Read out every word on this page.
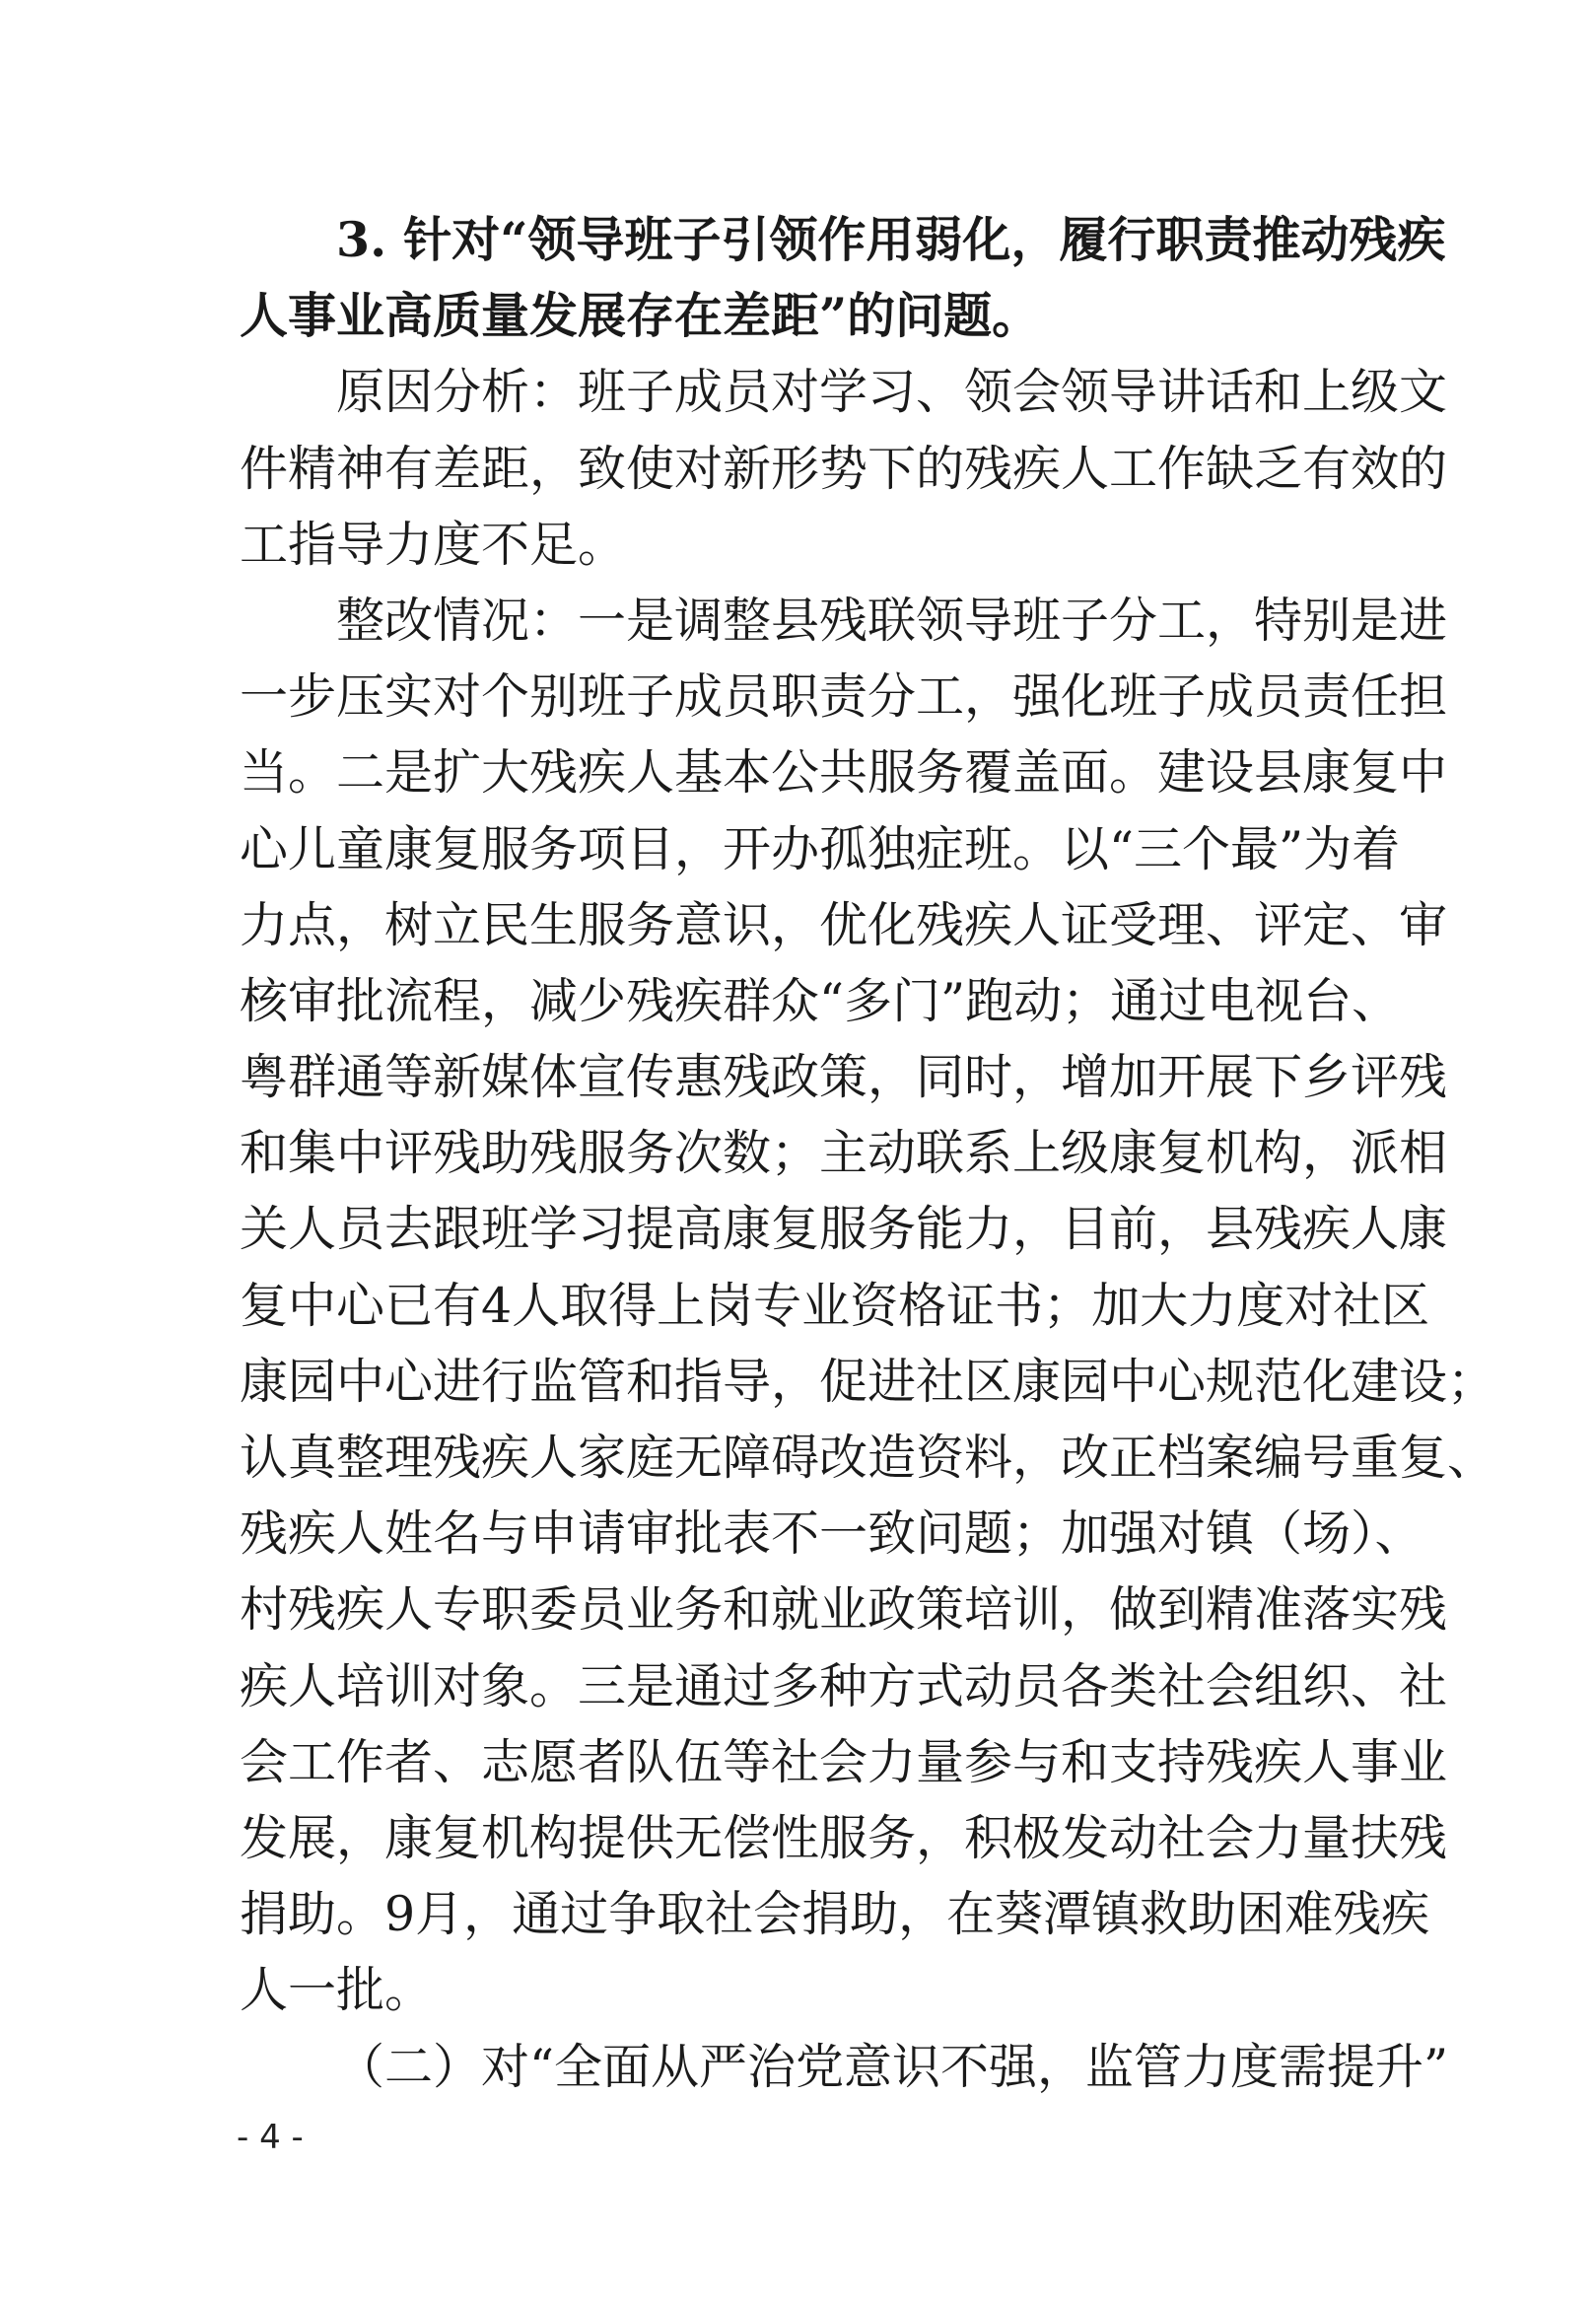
3. 针对“领导班子引领作用弱化，履行职责推动残疾
人事业高质量发展存在差距”的问题。
原因分析：班子成员对学习、领会领导讲话和上级文
件精神有差距，致使对新形势下的残疾人工作缺乏有效的
工指导力度不足。
整改情况：一是调整县残联领导班子分工，特别是进
一步压实对个别班子成员职责分工，强化班子成员责任担
当。二是扩大残疾人基本公共服务覆盖面。建设县康复中
心儿童康复服务项目，开办孤独症班。以“三个最”为着
力点，树立民生服务意识，优化残疾人证受理、评定、审
核审批流程，减少残疾群众“多门”跑动；通过电视台、
粤群通等新媒体宣传惠残政策，同时，增加开展下乡评残
和集中评残助残服务次数；主动联系上级康复机构，派相
关人员去跟班学习提高康复服务能力，目前，县残疾人康
复中心已有4人取得上岗专业资格证书；加大力度对社区
康园中心进行监管和指导，促进社区康园中心规范化建设；
认真整理残疾人家庭无障碍改造资料，改正档案编号重复、
残疾人姓名与申请审批表不一致问题；加强对镇（场）、
村残疾人专职委员业务和就业政策培训，做到精准落实残
疾人培训对象。三是通过多种方式动员各类社会组织、社
会工作者、志愿者队伍等社会力量参与和支持残疾人事业
发展，康复机构提供无偿性服务，积极发动社会力量扶残
捐助。9月，通过争取社会捐助，在葵潭镇救助困难残疾
人一批。
（二）对“全面从严治党意识不强，监管力度需提升”
- 4 -
